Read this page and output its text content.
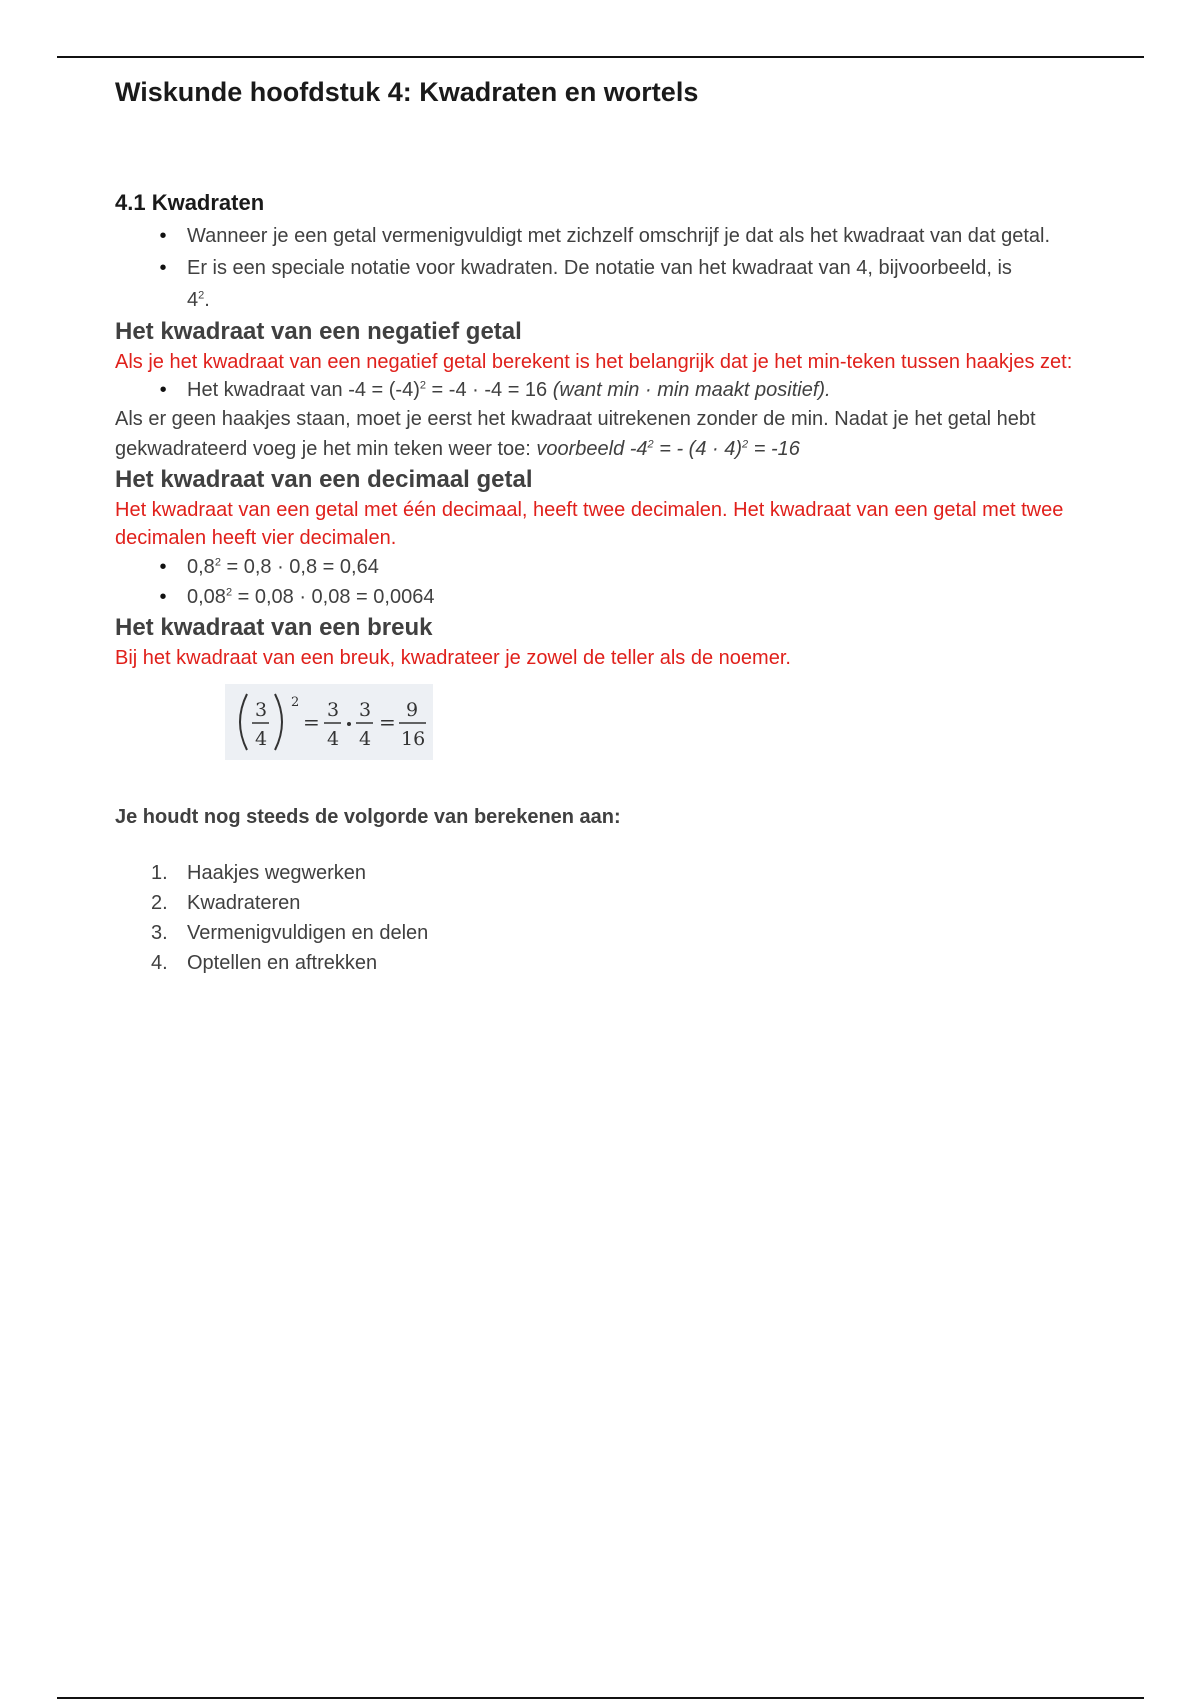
Wiskunde hoofdstuk 4: Kwadraten en wortels
4.1 Kwadraten
•	Wanneer je een getal vermenigvuldigt met zichzelf omschrijf je dat als het kwadraat van dat getal.
•	Er is een speciale notatie voor kwadraten. De notatie van het kwadraat van 4, bijvoorbeeld, is
$4^2$.
Het kwadraat van een negatief getal

Als je het kwadraat van een negatief getal berekent is het belangrijk dat je het min-teken tussen haakjes zet:

•	Het kwadraat van $-4 = (-4)^2 = -4 \cdot -4 = 16$ (want min · min maakt positief).

Als er geen haakjes staan, moet je eerst het kwadraat uitrekenen zonder de min. Nadat je het getal hebt gekwadrateerd voeg je het min teken weer toe: voorbeeld $-4^2$ = - $(4 \cdot 4)^2 = -16$

Het kwadraat van een decimaal getal

Het kwadraat van een getal met één decimaal, heeft twee decimalen. Het kwadraat van een getal met twee decimalen heeft vier decimalen.

•	$0,8^2 = 0,8 \cdot 0,8 = 0,64$
•	$0,08^2 = 0,08 \cdot 0,08 = 0,0064$
Het kwadraat van een breuk

Bij het kwadraat van een breuk, kwadrateer je zowel de teller als de noemer.

3
4
2
= 3
4
3
4
= 9
16

Je houdt nog steeds de volgorde van berekenen aan:

1. Haakjes wegwerken
2. Kwadrateren
3. Vermenigvuldigen en delen
4. Optellen en aftrekken
